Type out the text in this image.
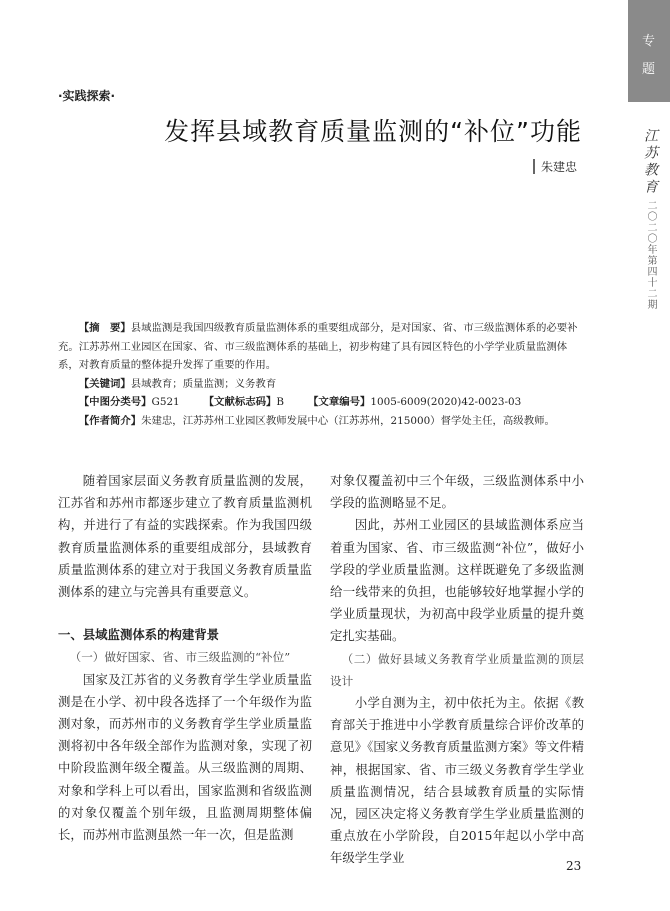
专
题
江苏教育 二〇二〇年第四十二期
·实践探索·
发挥县域教育质量监测的“补位”功能
朱建忠

【摘　要】县域监测是我国四级教育质量监测体系的重要组成部分，是对国家、省、市三级监测体系的必要补充。江苏苏州工业园区在国家、省、市三级监测体系的基础上，初步构建了具有园区特色的小学学业质量监测体系，对教育质量的整体提升发挥了重要的作用。

【关键词】县域教育；质量监测；义务教育

【中图分类号】G521 【文献标志码】B 【文章编号】1005-6009(2020)42-0023-03

【作者简介】朱建忠，江苏苏州工业园区教师发展中心（江苏苏州，215000）督学处主任，高级教师。

随着国家层面义务教育质量监测的发展，江苏省和苏州市都逐步建立了教育质量监测机构，并进行了有益的实践探索。作为我国四级教育质量监测体系的重要组成部分，县域教育质量监测体系的建立对于我国义务教育质量监测体系的建立与完善具有重要意义。

一、县域监测体系的构建背景

（一）做好国家、省、市三级监测的“补位”

国家及江苏省的义务教育学生学业质量监测是在小学、初中段各选择了一个年级作为监测对象，而苏州市的义务教育学生学业质量监测将初中各年级全部作为监测对象，实现了初中阶段监测年级全覆盖。从三级监测的周期、对象和学科上可以看出，国家监测和省级监测的对象仅覆盖个别年级，且监测周期整体偏长，而苏州市监测虽然一年一次，但是监测

对象仅覆盖初中三个年级，三级监测体系中小学段的监测略显不足。

因此，苏州工业园区的县域监测体系应当着重为国家、省、市三级监测“补位”，做好小学段的学业质量监测。这样既避免了多级监测给一线带来的负担，也能够较好地掌握小学的学业质量现状，为初高中段学业质量的提升奠定扎实基础。

（二）做好县域义务教育学业质量监测的顶层设计

小学自测为主，初中依托为主。依据《教育部关于推进中小学教育质量综合评价改革的意见》《国家义务教育质量监测方案》等文件精神，根据国家、省、市三级义务教育学生学业质量监测情况，结合县域教育质量的实际情况，园区决定将义务教育学生学业质量监测的重点放在小学阶段，自2015年起以小学中高年级学生学业

23
